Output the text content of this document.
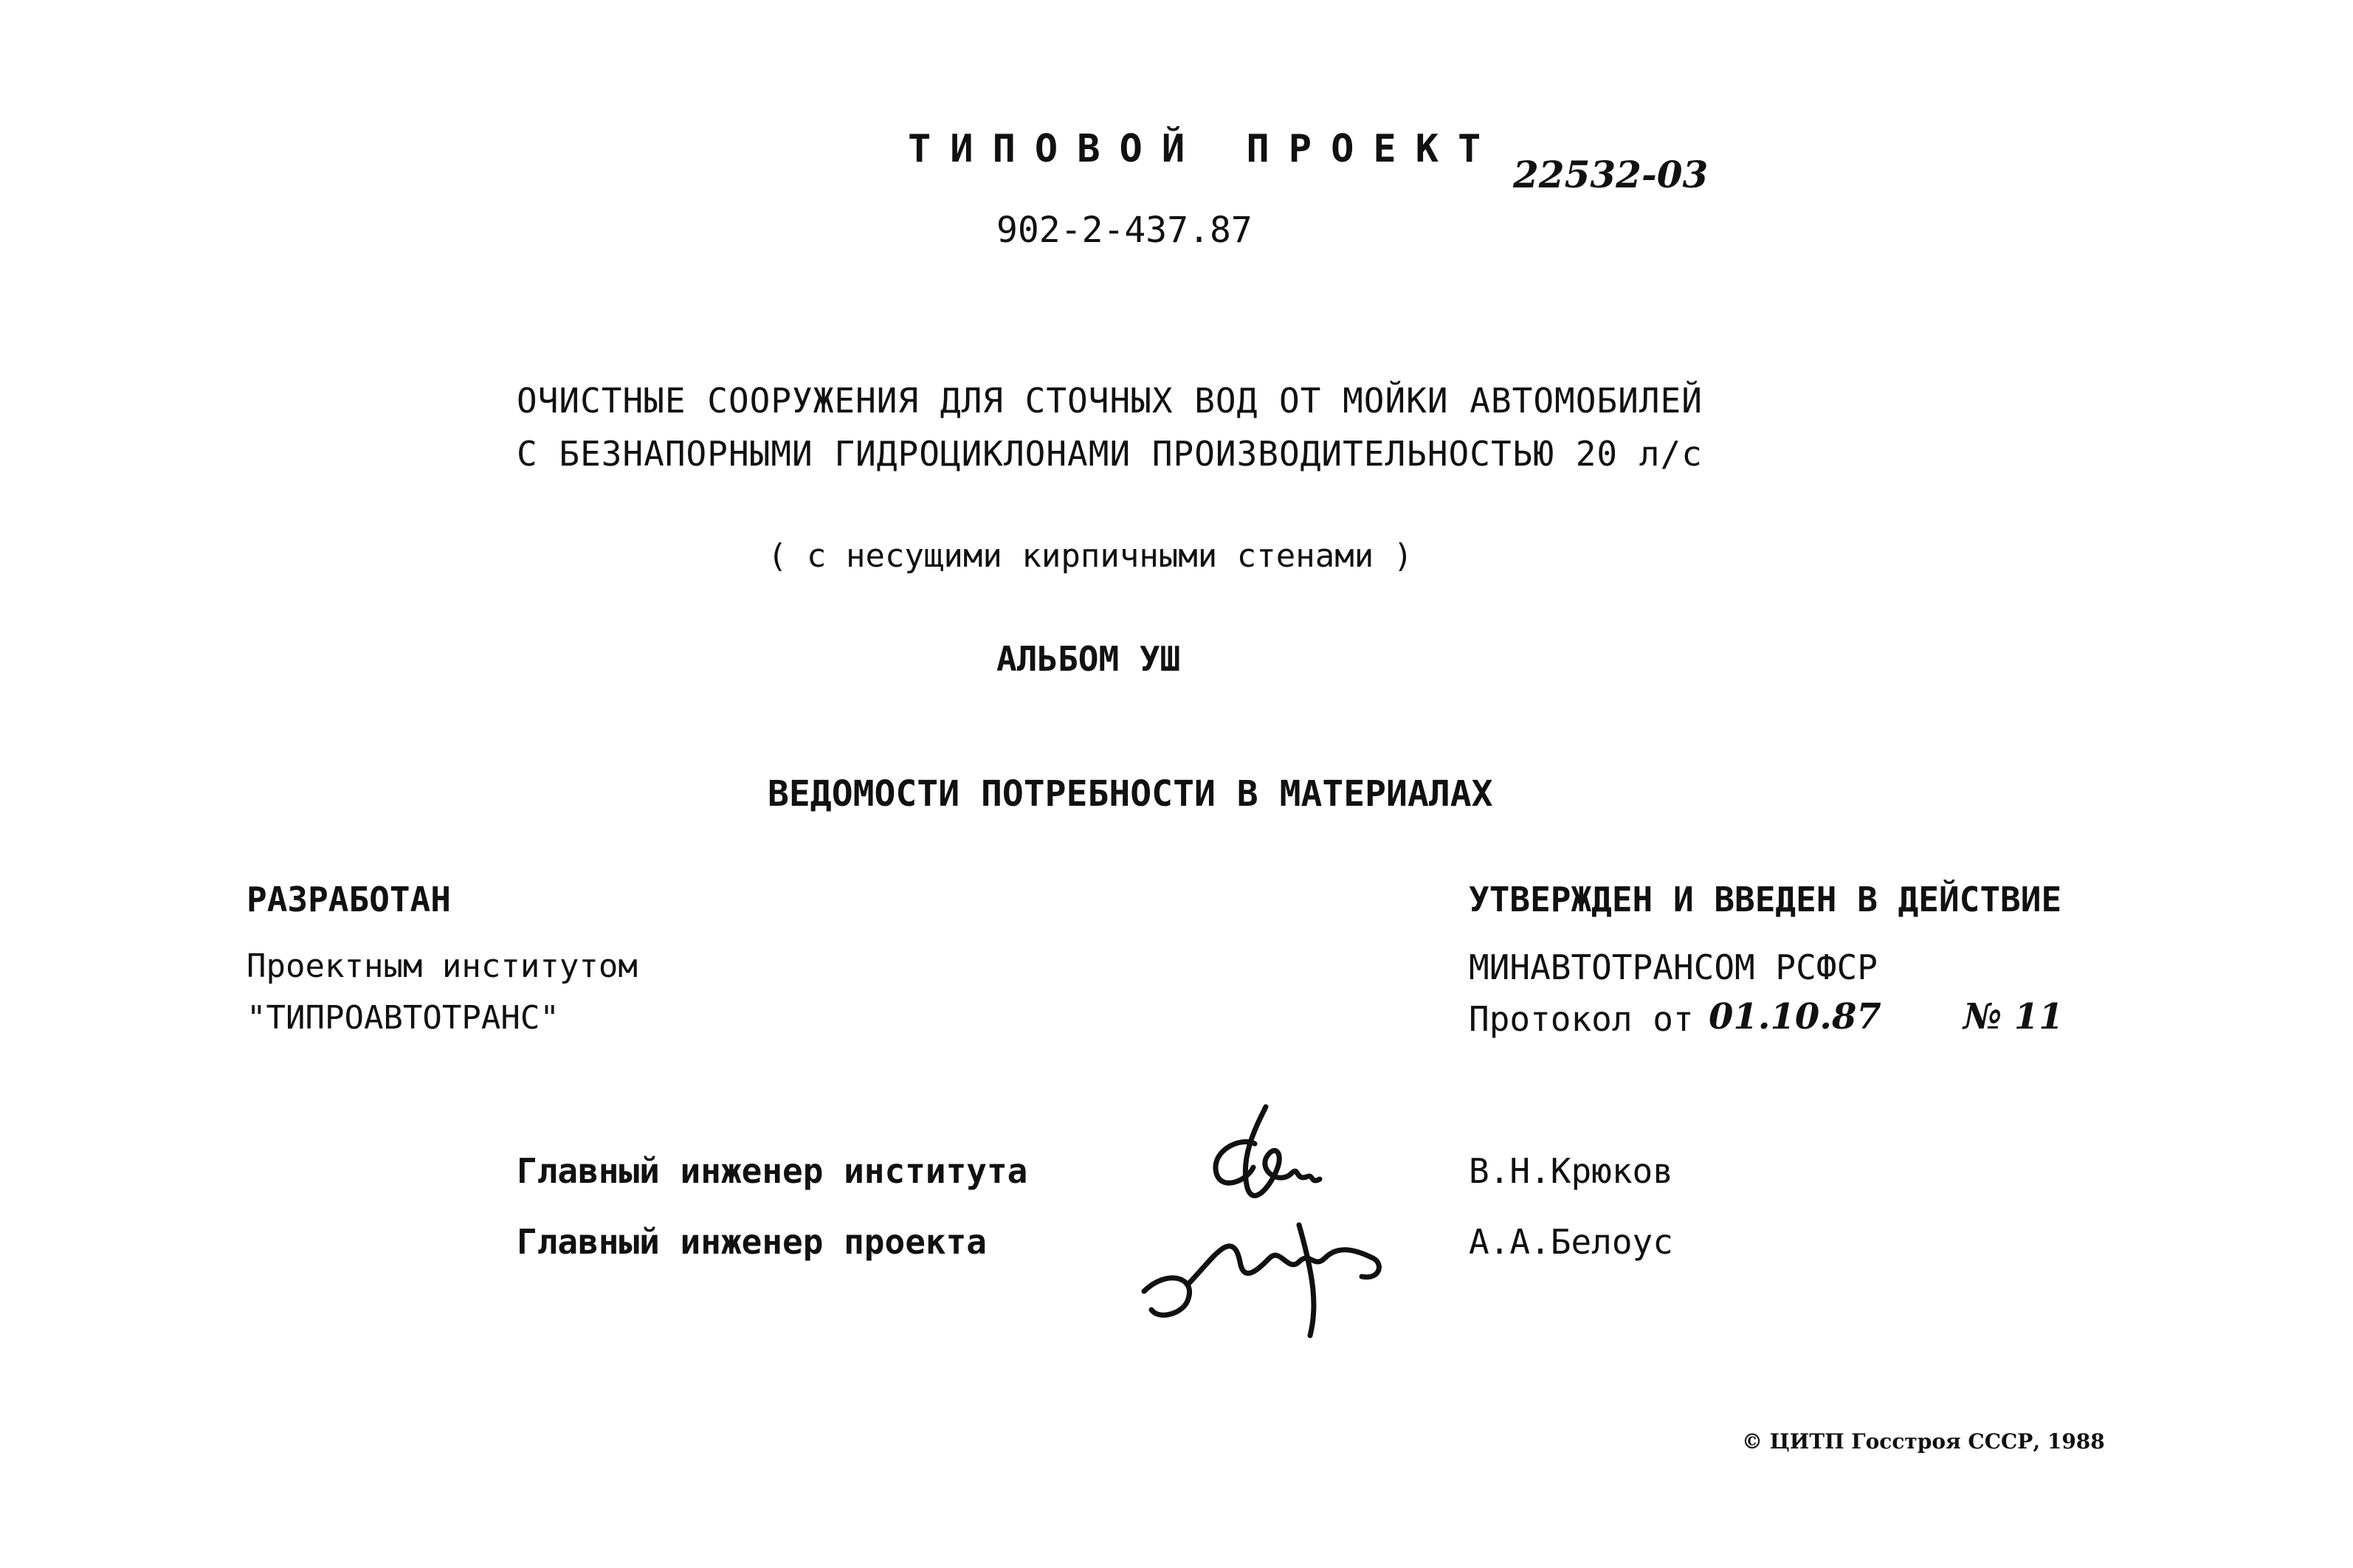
ТИПОВОЙ ПРОЕКТ
22532-03
902-2-437.87
ОЧИСТНЫЕ СООРУЖЕНИЯ ДЛЯ СТОЧНЫХ ВОД ОТ МОЙКИ АВТОМОБИЛЕЙ
С БЕЗНАПОРНЫМИ ГИДРОЦИКЛОНАМИ ПРОИЗВОДИТЕЛЬНОСТЬЮ 20 л/с
( с несущими кирпичными стенами )
АЛЬБОМ УШ
ВЕДОМОСТИ ПОТРЕБНОСТИ В МАТЕРИАЛАХ
РАЗРАБОТАН
Проектным институтом
"ТИПРОАВТОТРАНС"
УТВЕРЖДЕН И ВВЕДЕН В ДЕЙСТВИЕ
МИНАВТОТРАНСОМ РСФСР
Протокол от 01.10.87 № 11
Главный инженер института
Главный инженер проекта
В.Н.Крюков
А.А.Белоус
© ЦИТП Госстроя СССР, 1988
